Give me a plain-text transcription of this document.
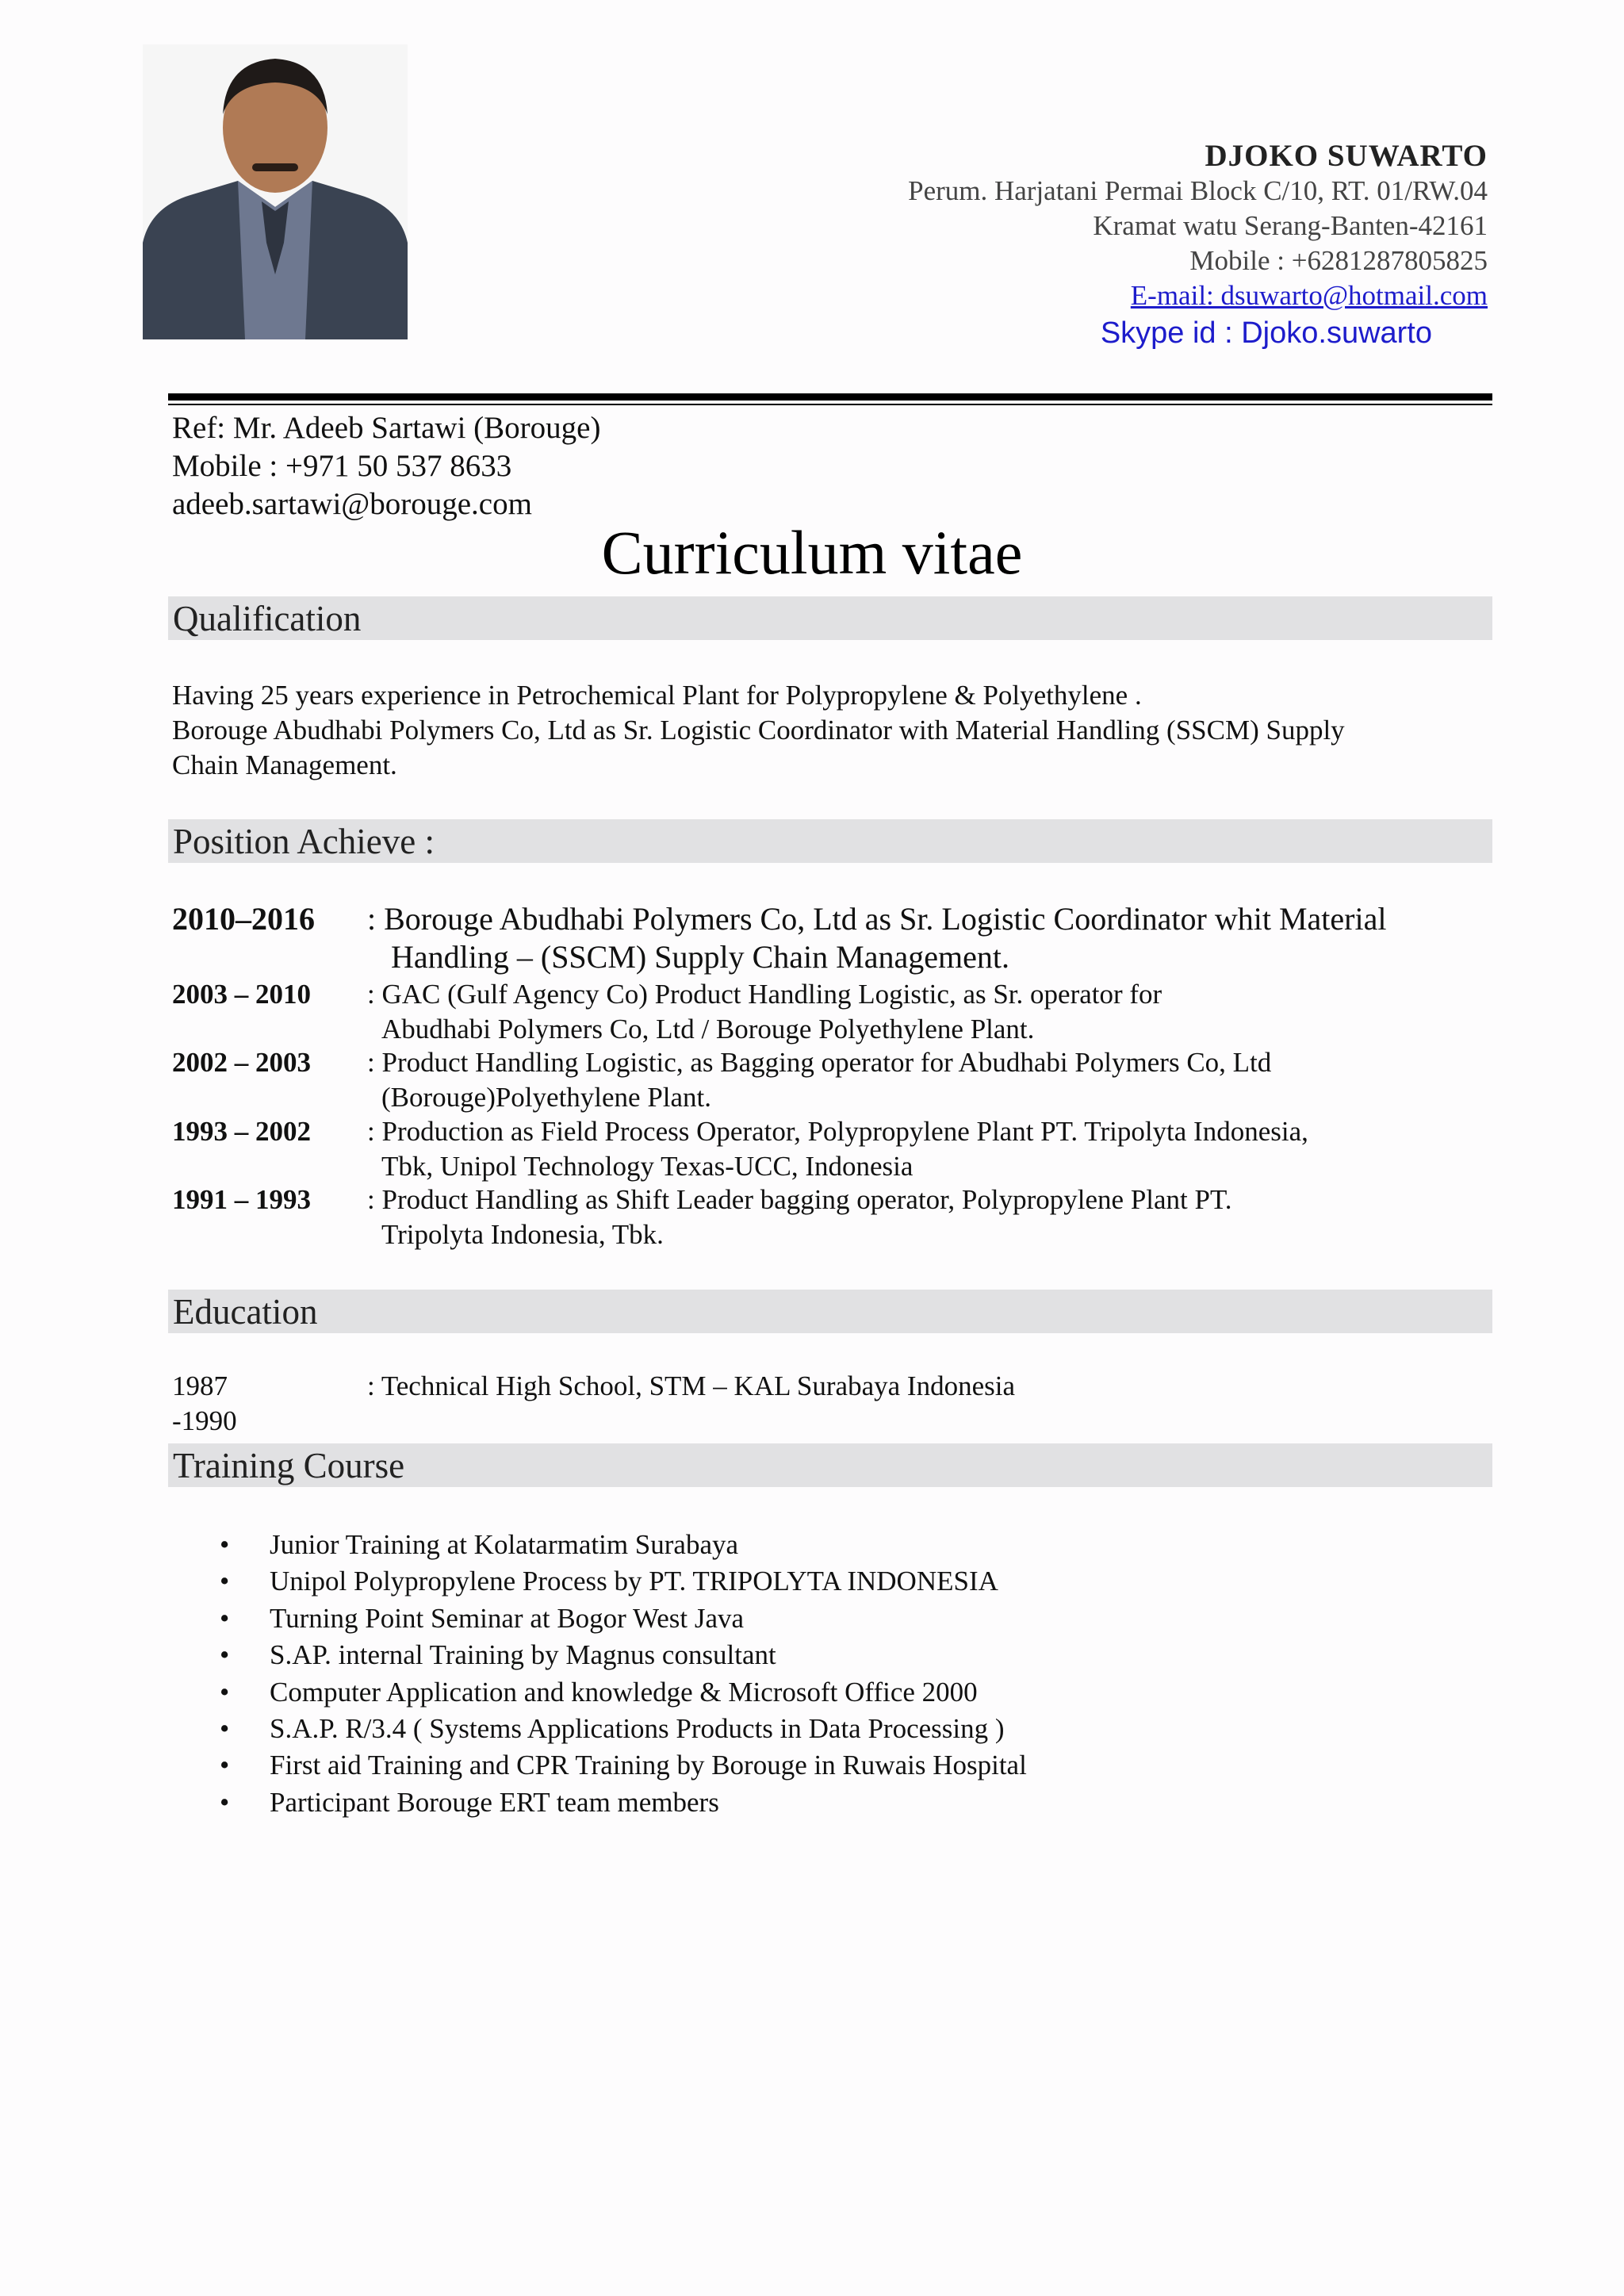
DJOKO SUWARTO
Perum. Harjatani Permai Block C/10, RT. 01/RW.04
Kramat watu Serang-Banten-42161
Mobile : +6281287805825
E-mail: dsuwarto@hotmail.com
Skype id : Djoko.suwarto
Ref: Mr. Adeeb Sartawi (Borouge)
Mobile : +971 50 537 8633
adeeb.sartawi@borouge.com
Curriculum vitae
Qualification
Having 25 years experience in Petrochemical Plant for Polypropylene & Polyethylene .
Borouge Abudhabi Polymers Co, Ltd as Sr. Logistic Coordinator with Material Handling (SSCM) Supply
Chain Management.
Position Achieve :
2010–2016 : Borouge Abudhabi Polymers Co, Ltd as Sr. Logistic Coordinator whit Material
Handling – (SSCM) Supply Chain Management.
2003 – 2010 : GAC (Gulf Agency Co) Product Handling Logistic, as Sr. operator for
Abudhabi Polymers Co, Ltd / Borouge Polyethylene Plant.
2002 – 2003 : Product Handling Logistic, as Bagging operator for Abudhabi Polymers Co, Ltd
(Borouge)Polyethylene Plant.
1993 – 2002 : Production as Field Process Operator, Polypropylene Plant PT. Tripolyta Indonesia,
Tbk, Unipol Technology Texas-UCC, Indonesia
1991 – 1993 : Product Handling as Shift Leader bagging operator, Polypropylene Plant PT.
Tripolyta Indonesia, Tbk.
Education
1987 -1990
: Technical High School, STM – KAL Surabaya Indonesia
Training Course
• Junior Training at Kolatarmatim Surabaya
• Unipol Polypropylene Process by PT. TRIPOLYTA INDONESIA
• Turning Point Seminar at Bogor West Java
• S.AP. internal Training by Magnus consultant
• Computer Application and knowledge & Microsoft Office 2000
• S.A.P. R/3.4 ( Systems Applications Products in Data Processing )
• First aid Training and CPR Training by Borouge in Ruwais Hospital
• Participant Borouge ERT team members
